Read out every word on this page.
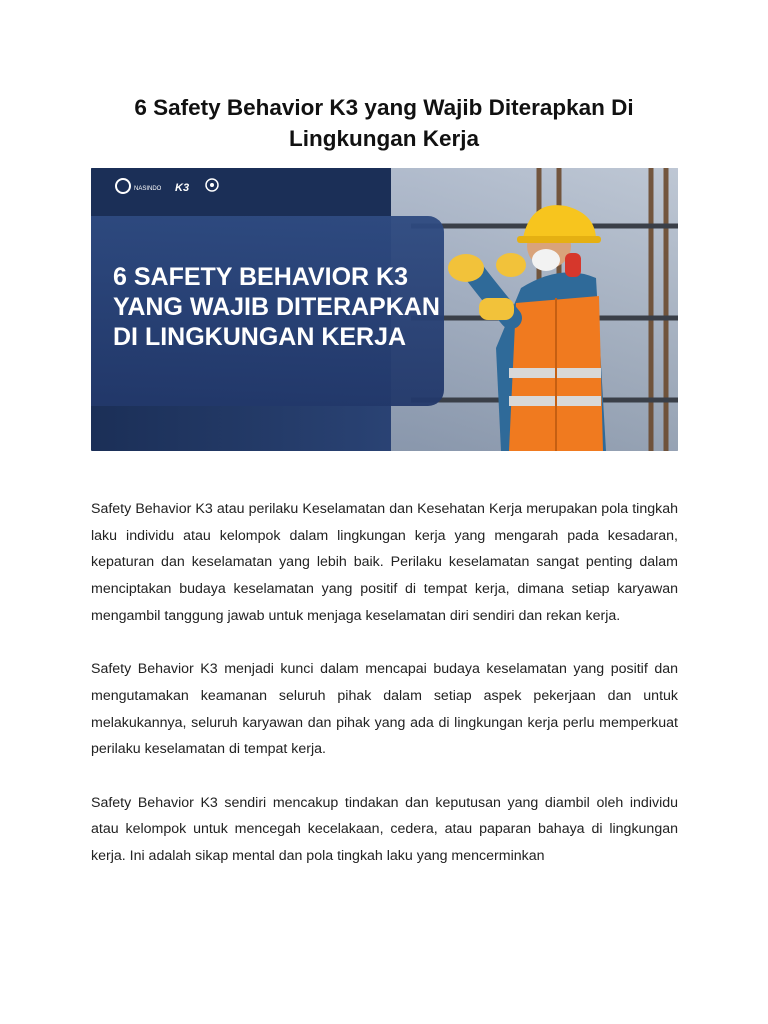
6 Safety Behavior K3 yang Wajib Diterapkan Di Lingkungan Kerja
NASINDO K3
6 SAFETY BEHAVIOR K3
YANG WAJIB DITERAPKAN
DI LINGKUNGAN KERJA

Safety Behavior K3 atau perilaku Keselamatan dan Kesehatan Kerja merupakan pola tingkah laku individu atau kelompok dalam lingkungan kerja yang mengarah pada kesadaran, kepaturan dan keselamatan yang lebih baik. Perilaku keselamatan sangat penting dalam menciptakan budaya keselamatan yang positif di tempat kerja, dimana setiap karyawan mengambil tanggung jawab untuk menjaga keselamatan diri sendiri dan rekan kerja.

Safety Behavior K3 menjadi kunci dalam mencapai budaya keselamatan yang positif dan mengutamakan keamanan seluruh pihak dalam setiap aspek pekerjaan dan untuk melakukannya, seluruh karyawan dan pihak yang ada di lingkungan kerja perlu memperkuat perilaku keselamatan di tempat kerja.

Safety Behavior K3 sendiri mencakup tindakan dan keputusan yang diambil oleh individu atau kelompok untuk mencegah kecelakaan, cedera, atau paparan bahaya di lingkungan kerja. Ini adalah sikap mental dan pola tingkah laku yang mencerminkan
